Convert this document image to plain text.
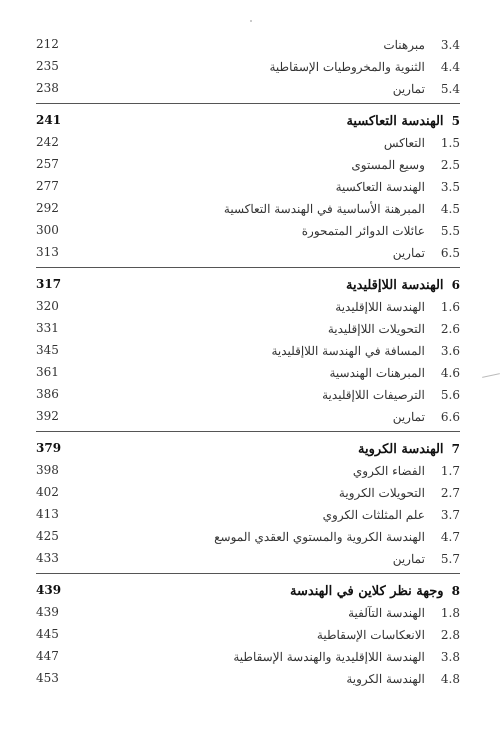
212	3.4 مبرهنات
235	4.4 الثنوية والمخروطيات الإسقاطية
238	5.4 تمارين
241	5 الهندسة التعاكسية
242	1.5 التعاكس
257	2.5 وسيع المستوى
277	3.5 الهندسة التعاكسية
292	4.5 المبرهنة الأساسية في الهندسة التعاكسية
300	5.5 عائلات الدوائر المتمحورة
313	6.5 تمارين
317	6 الهندسة اللاإقليدية
320	1.6 الهندسة اللاإقليدية
331	2.6 التحويلات اللاإقليدية
345	3.6 المسافة في الهندسة اللاإقليدية
361	4.6 المبرهنات الهندسية
386	5.6 الترصيفات اللاإقليدية
392	6.6 تمارين
379	7 الهندسة الكروية
398	1.7 الفضاء الكروي
402	2.7 التحويلات الكروية
413	3.7 علم المثلثات الكروي
425	4.7 الهندسة الكروية والمستوي العقدي الموسع
433	5.7 تمارين
439	8 وجهة نظر كلاين في الهندسة
439	1.8 الهندسة التآلفية
445	2.8 الانعكاسات الإسقاطية
447	3.8 الهندسة اللاإقليدية والهندسة الإسقاطية
453	4.8 الهندسة الكروية
